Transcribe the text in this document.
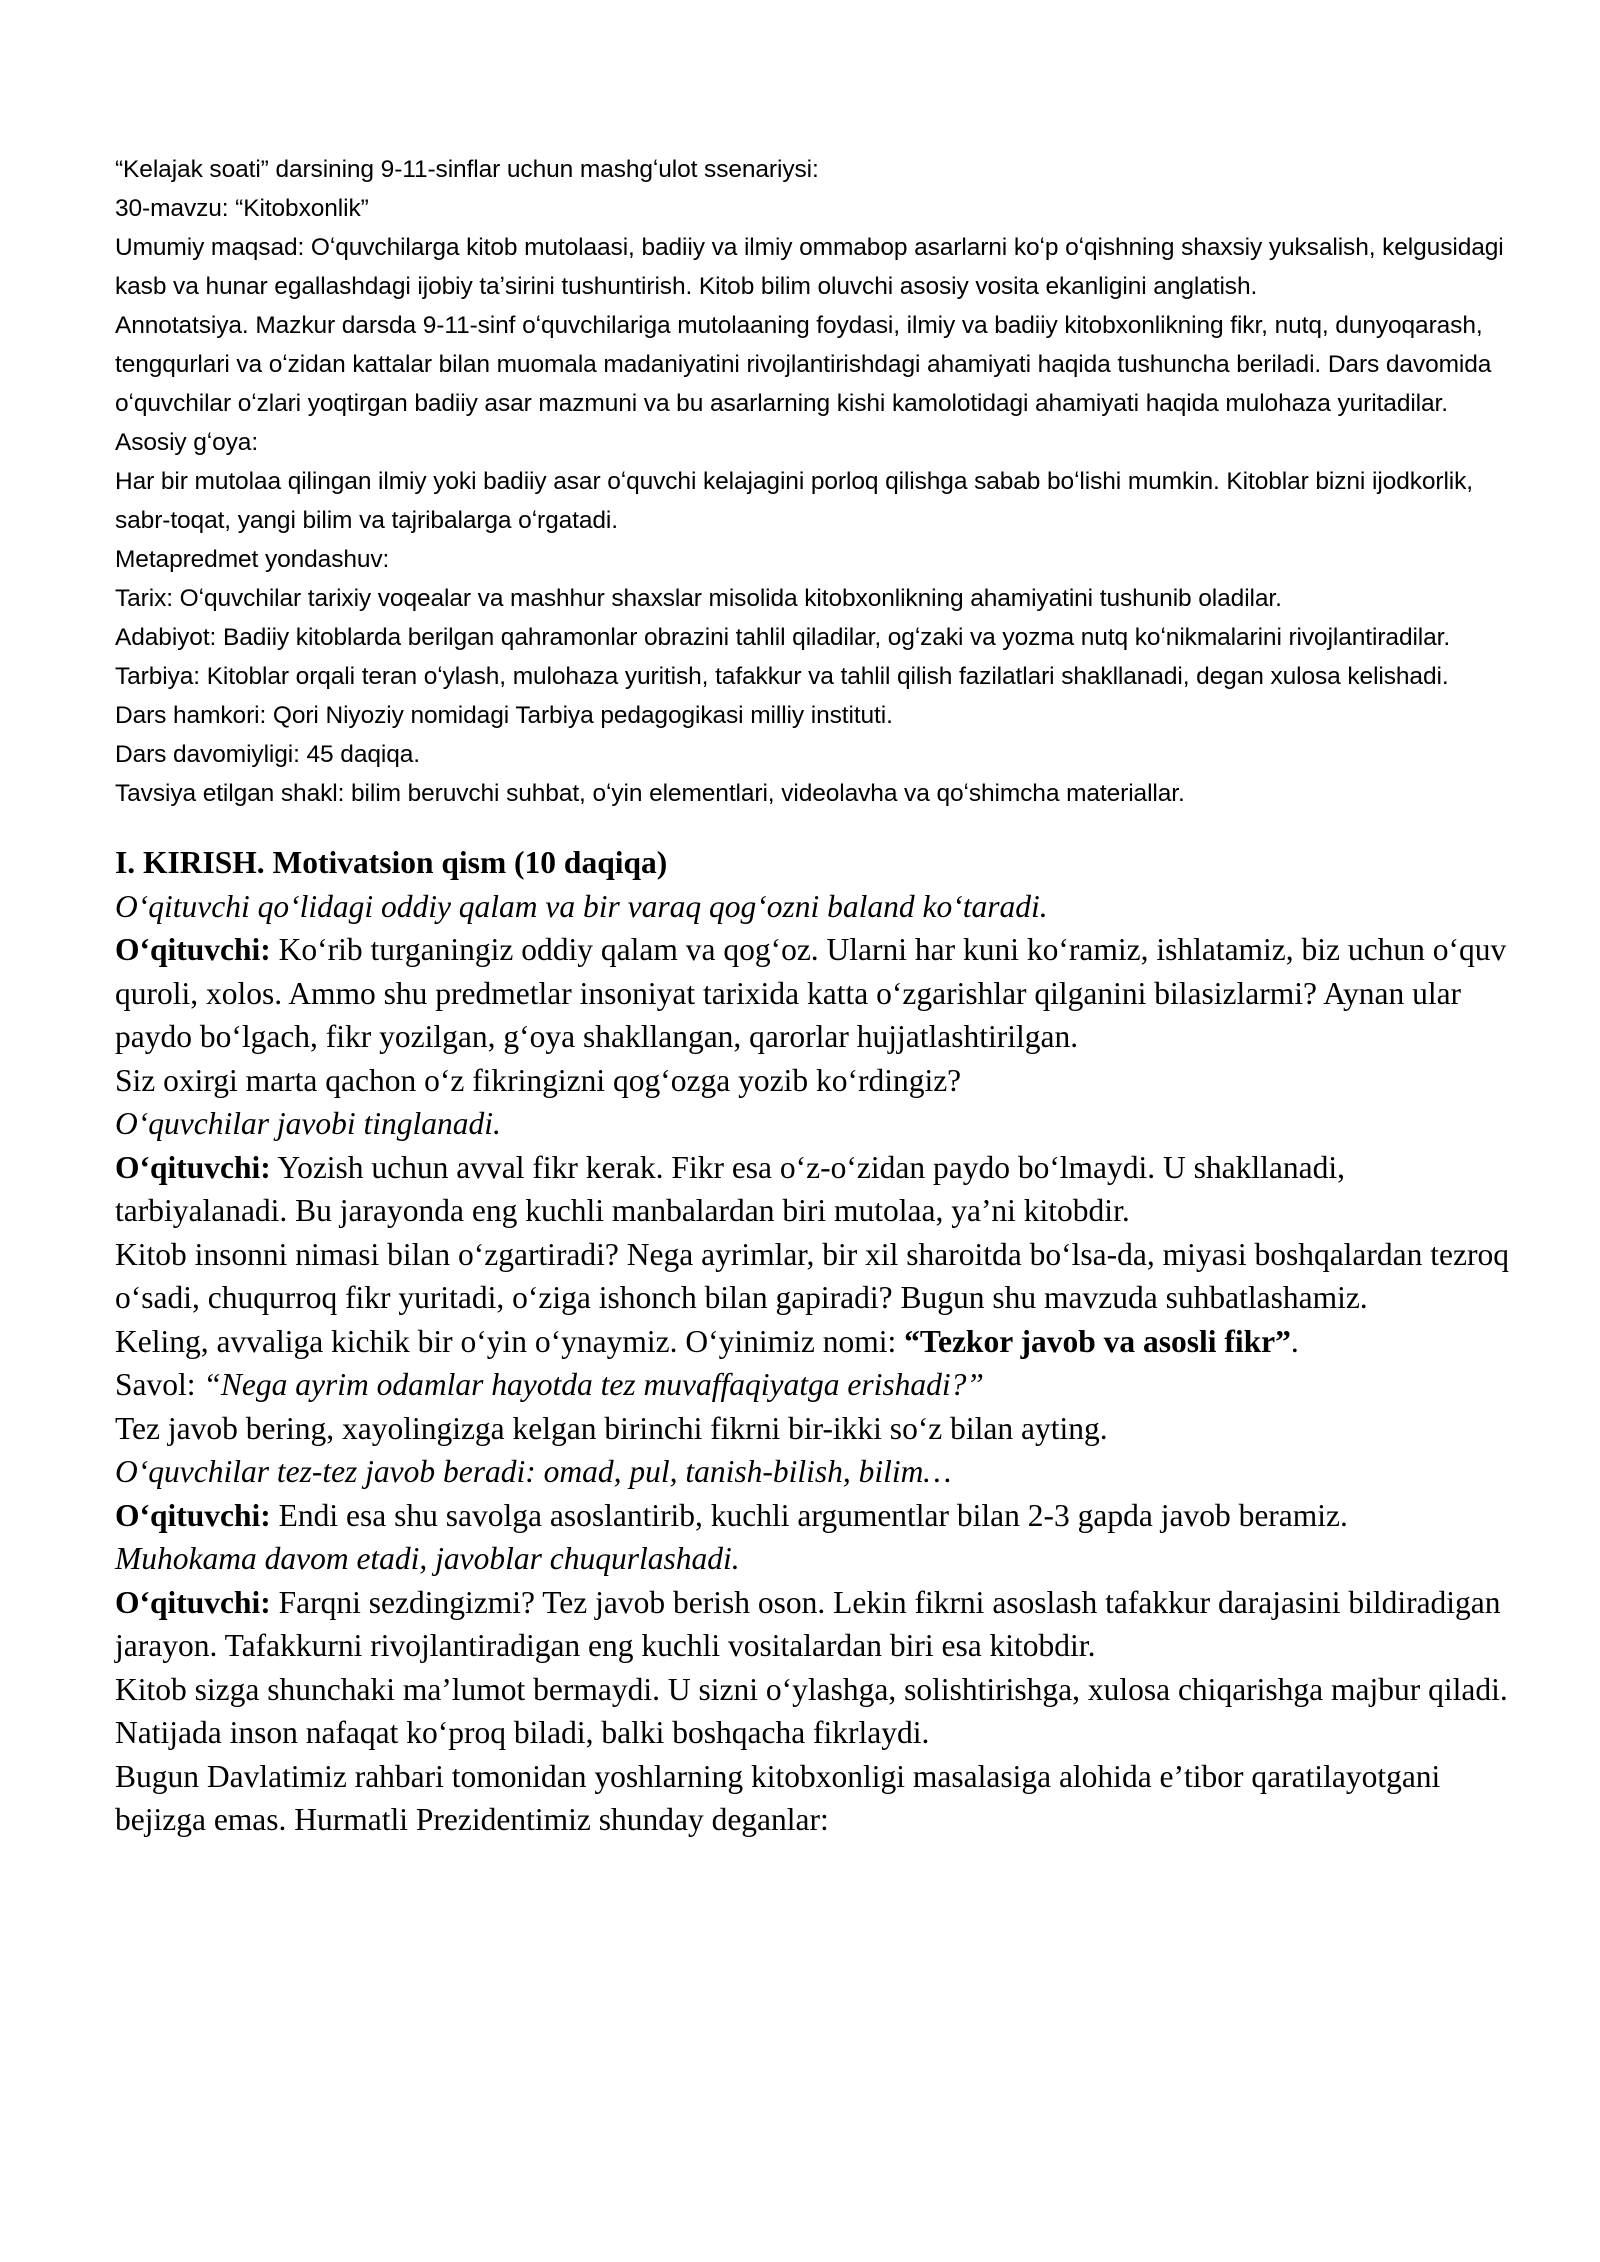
“Kelajak soati” darsining 9-11-sinflar uchun mashgʻulot ssenariysi:

30-mavzu: “Kitobxonlik”

Umumiy maqsad: Oʻquvchilarga kitob mutolaasi, badiiy va ilmiy ommabop asarlarni koʻp oʻqishning shaxsiy yuksalish, kelgusidagi kasb va hunar egallashdagi ijobiy taʼsirini tushuntirish. Kitob bilim oluvchi asosiy vosita ekanligini anglatish.

Annotatsiya. Mazkur darsda 9-11-sinf oʻquvchilariga mutolaaning foydasi, ilmiy va badiiy kitobxonlikning fikr, nutq, dunyoqarash, tengqurlari va oʻzidan kattalar bilan muomala madaniyatini rivojlantirishdagi ahamiyati haqida tushuncha beriladi. Dars davomida oʻquvchilar oʻzlari yoqtirgan badiiy asar mazmuni va bu asarlarning kishi kamolotidagi ahamiyati haqida mulohaza yuritadilar.

Asosiy gʻoya:

Har bir mutolaa qilingan ilmiy yoki badiiy asar oʻquvchi kelajagini porloq qilishga sabab boʻlishi mumkin. Kitoblar bizni ijodkorlik, sabr-toqat, yangi bilim va tajribalarga oʻrgatadi.

Metapredmet yondashuv:

Tarix: Oʻquvchilar tarixiy voqealar va mashhur shaxslar misolida kitobxonlikning ahamiyatini tushunib oladilar.

Adabiyot: Badiiy kitoblarda berilgan qahramonlar obrazini tahlil qiladilar, ogʻzaki va yozma nutq koʻnikmalarini rivojlantiradilar.

Tarbiya: Kitoblar orqali teran oʻylash, mulohaza yuritish, tafakkur va tahlil qilish fazilatlari shakllanadi, degan xulosa kelishadi.

Dars hamkori: Qori Niyoziy nomidagi Tarbiya pedagogikasi milliy instituti.

Dars davomiyligi: 45 daqiqa.

Tavsiya etilgan shakl: bilim beruvchi suhbat, oʻyin elementlari, videolavha va qoʻshimcha materiallar.

I. KIRISH. Motivatsion qism (10 daqiqa)

Oʻqituvchi qoʻlidagi oddiy qalam va bir varaq qogʻozni baland koʻtaradi.

Oʻqituvchi: Koʻrib turganingiz oddiy qalam va qogʻoz. Ularni har kuni koʻramiz, ishlatamiz, biz uchun oʻquv quroli, xolos. Ammo shu predmetlar insoniyat tarixida katta oʻzgarishlar qilganini bilasizlarmi? Aynan ular paydo boʻlgach, fikr yozilgan, gʻoya shakllangan, qarorlar hujjatlashtirilgan.

Siz oxirgi marta qachon oʻz fikringizni qogʻozga yozib koʻrdingiz?

Oʻquvchilar javobi tinglanadi.

Oʻqituvchi: Yozish uchun avval fikr kerak. Fikr esa oʻz-oʻzidan paydo boʻlmaydi. U shakllanadi, tarbiyalanadi. Bu jarayonda eng kuchli manbalardan biri mutolaa, yaʼni kitobdir.

Kitob insonni nimasi bilan oʻzgartiradi? Nega ayrimlar, bir xil sharoitda boʻlsa-da, miyasi boshqalardan tezroq oʻsadi, chuqurroq fikr yuritadi, oʻziga ishonch bilan gapiradi? Bugun shu mavzuda suhbatlashamiz.

Keling, avvaliga kichik bir oʻyin oʻynaymiz. Oʻyinimiz nomi: “Tezkor javob va asosli fikr”.

Savol: “Nega ayrim odamlar hayotda tez muvaffaqiyatga erishadi?”

Tez javob bering, xayolingizga kelgan birinchi fikrni bir-ikki soʻz bilan ayting.

Oʻquvchilar tez-tez javob beradi: omad, pul, tanish-bilish, bilim…

Oʻqituvchi: Endi esa shu savolga asoslantirib, kuchli argumentlar bilan 2-3 gapda javob beramiz.

Muhokama davom etadi, javoblar chuqurlashadi.

Oʻqituvchi: Farqni sezdingizmi? Tez javob berish oson. Lekin fikrni asoslash tafakkur darajasini bildiradigan jarayon. Tafakkurni rivojlantiradigan eng kuchli vositalardan biri esa kitobdir.

Kitob sizga shunchaki maʼlumot bermaydi. U sizni oʻylashga, solishtirishga, xulosa chiqarishga majbur qiladi. Natijada inson nafaqat koʻproq biladi, balki boshqacha fikrlaydi.

Bugun Davlatimiz rahbari tomonidan yoshlarning kitobxonligi masalasiga alohida eʼtibor qaratilayotgani bejizga emas. Hurmatli Prezidentimiz shunday deganlar:
